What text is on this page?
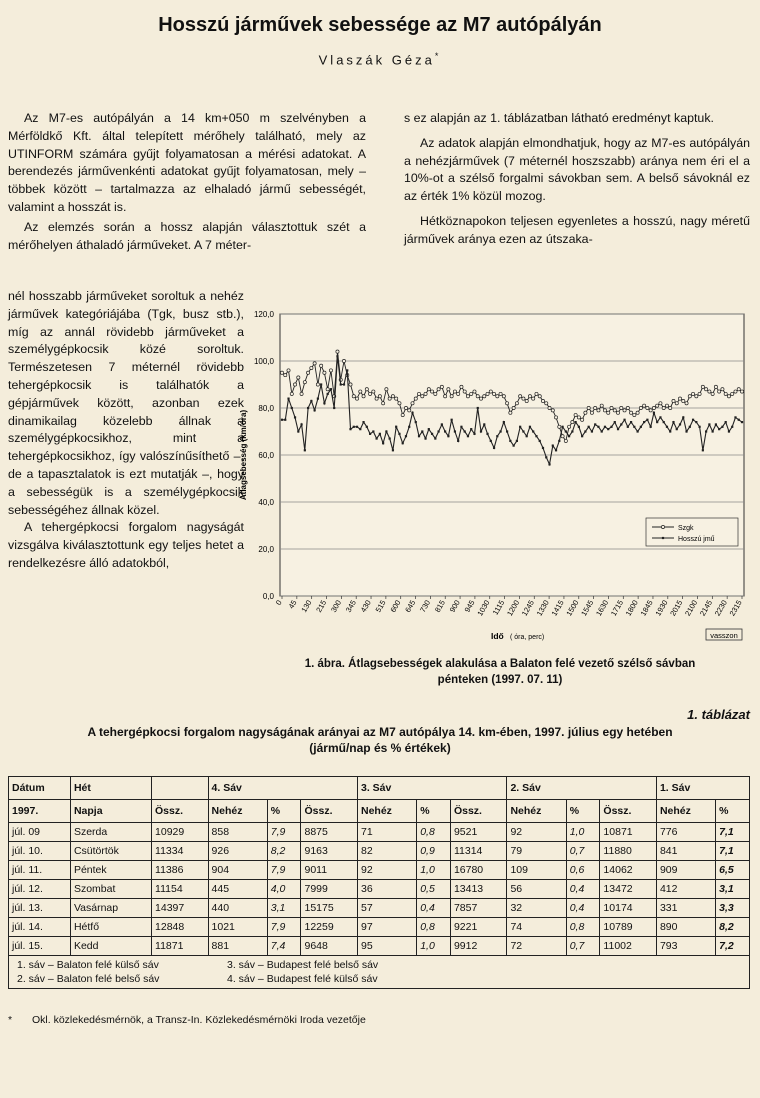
Hosszú járművek sebessége az M7 autópályán
Vlaszák Géza*

Az M7-es autópályán a 14 km+050 m szelvényben a Mérföldkő Kft. által telepített mérőhely található, mely az UTINFORM számára gyűjt folyamatosan a mérési adatokat. A berendezés járművenkénti adatokat gyűjt folyamatosan, mely – többek között – tartalmazza az elhaladó jármű sebességét, valamint a hosszát is.

Az elemzés során a hossz alapján választottuk szét a mérőhelyen áthaladó járműveket. A 7 méter-

nél hosszabb járműveket soroltuk a nehéz járművek kategóriájába (Tgk, busz stb.), míg az annál rövidebb járműveket a személygépkocsik közé soroltuk. Természetesen 7 méternél rövidebb tehergépkocsik is találhatók a gépjárművek között, azonban ezek dinamikailag közelebb állnak a személygépkocsikhoz, mint a tehergépkocsikhoz, így valószínűsíthető –, de a tapasztalatok is ezt mutatják –, hogy a sebességük is a személygépkocsik sebességéhez állnak közel.

A tehergépkocsi forgalom nagyságát vizsgálva kiválasztottunk egy teljes hetet a rendelkezésre álló adatokból,

s ez alapján az 1. táblázatban látható eredményt kaptuk.

Az adatok alapján elmondhatjuk, hogy az M7-es autópályán a nehézjárművek (7 méternél hoszszabb) aránya nem éri el a 10%-ot a szélső forgalmi sávokban sem. A belső sávoknál ez az érték 1% közül mozog.

Hétköznapokon teljesen egyenletes a hosszú, nagy méretű járművek aránya ezen az útszaka-

0,0
20,0
40,0
60,0
80,0
100,0
120,0
0 45 130 215 300 345 430 515 600 645 730 815 900 945
1030 1115
1200
1245
1330
1415
1500
1545
1630
1715
1800
1845
1930
2015
2100
2145
2230
2315
Átlagsebesség (km/óra)
Idő ( óra, perc)	vasszon
Szgk
Hosszú jmű
1. ábra. Átlagsebességek alakulása a Balaton felé vezető szélső sávban
pénteken (1997. 07. 11)
1. táblázat
A tehergépkocsi forgalom nagyságának arányai az M7 autópálya 14. km-ében, 1997. július egy hetében
(jármű/nap és % értékek)
Dátum	Hét		4. Sáv			3. Sáv			2. Sáv			1. Sáv	
1997.	Napja	Össz.	Nehéz	%	Össz.	Nehéz	%	Össz.	Nehéz	%	Össz.	Nehéz	%
júl. 09	Szerda	10929	858	7,9	8875	71	0,8	9521	92	1,0	10871	776	7,1
júl. 10.	Csütörtök	11334	926	8,2	9163	82	0,9	11314	79	0,7	11880	841	7,1
júl. 11.	Péntek	11386	904	7,9	9011	92	1,0	16780	109	0,6	14062	909	6,5
júl. 12.	Szombat	11154	445	4,0	7999	36	0,5	13413	56	0,4	13472	412	3,1
júl. 13.	Vasárnap	14397	440	3,1	15175	57	0,4	7857	32	0,4	10174	331	3,3
júl. 14.	Hétfő	12848	1021	7,9	12259	97	0,8	9221	74	0,8	10789	890	8,2
júl. 15.	Kedd	11871	881	7,4	9648	95	1,0	9912	72	0,7	11002	793	7,2
1. sáv – Balaton felé külső sáv 3. sáv – Budapest felé belső sáv
2. sáv – Balaton felé belső sáv 4. sáv – Budapest felé külső sáv													
* Okl. közlekedésmérnök, a Transz-In. Közlekedésmérnöki Iroda vezetője
